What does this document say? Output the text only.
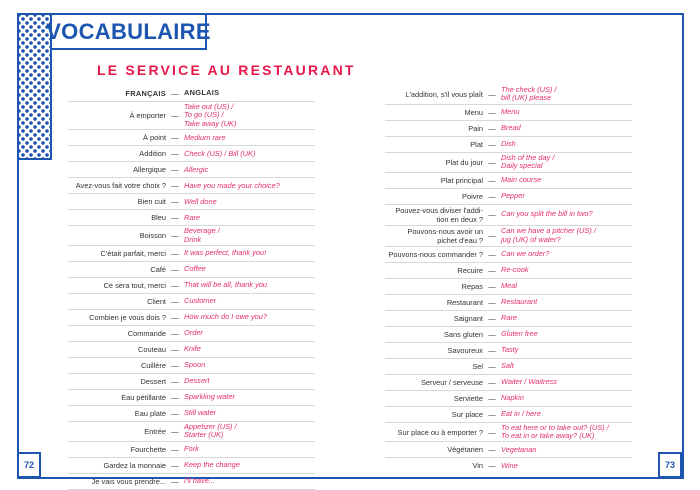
VOCABULAIRE
LE SERVICE AU RESTAURANT
FRANÇAIS — ANGLAIS
À emporter —
Take out (US) /
To go (US) /
Take away (UK)
À point — Medium rare
Addition — Check (US) / Bill (UK)
Allergique — Allergic
Avez-vous fait votre choix ? — Have you made your choice?
Bien cuit — Well done
Bleu — Rare
Boisson —
Beverage /
Drink
C'était parfait, merci — It was perfect, thank you!
Café — Coffee
Ce sera tout, merci — That will be all, thank you
Client — Customer
Combien je vous dois ? — How much do I owe you?
Commande — Order
Couteau — Knife
Cuillère — Spoon
Dessert — Dessert
Eau pétillante — Sparkling water
Eau plate — Still water
Entrée —
Appetizer (US) /
Starter (UK)
Fourchette — Fork
Gardez la monnaie — Keep the change
Je vais vous prendre... — I'll have...
L'addition, s'il vous plaît —
The check (US) /
bill (UK) please
Menu — Menu
Pain — Bread
Plat — Dish
Plat du jour —
Dish of the day /
Daily special
Plat principal — Main course
Poivre — Pepper
Pouvez-vous diviser l'addi-
tion en deux ? — Can you split the bill in two?
Pouvons-nous avoir un
pichet d'eau ? —
Can we have a pitcher (US) /
jug (UK) of water?
Pouvons-nous commander ? — Can we order?
Recuire — Re-cook
Repas — Meal
Restaurant — Restaurant
Saignant — Rare
Sans gluten — Gluten free
Savoureux — Tasty
Sel — Salt
Serveur / serveuse — Waiter / Waitress
Serviette — Napkin
Sur place — Eat in / here
Sur place ou à emporter ? —
To eat here or to take out? (US) /
To eat in or take away? (UK)
Végétarien — Vegetarian
Vin — Wine
72	73
